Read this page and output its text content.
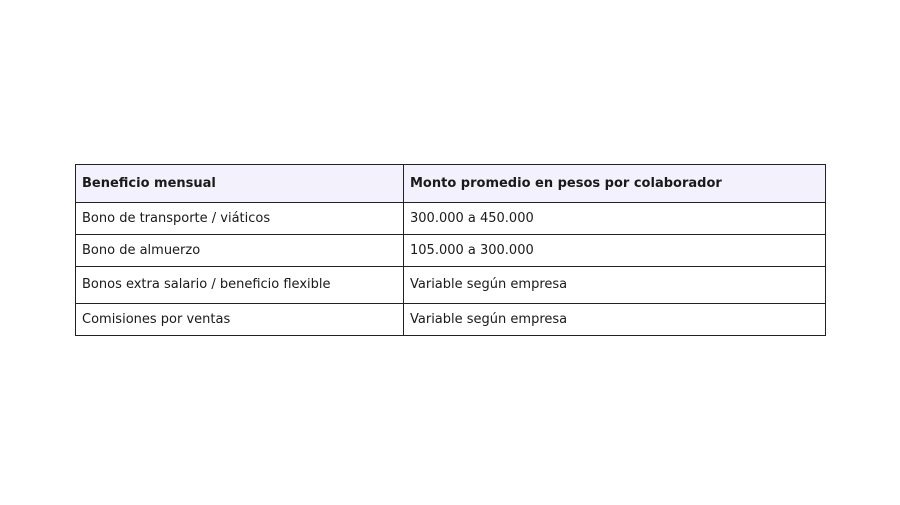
Beneficio mensual	Monto promedio en pesos por colaborador
Bono de transporte / viáticos	300.000 a 450.000
Bono de almuerzo	105.000 a 300.000
Bonos extra salario / beneficio flexible	Variable según empresa
Comisiones por ventas	Variable según empresa
